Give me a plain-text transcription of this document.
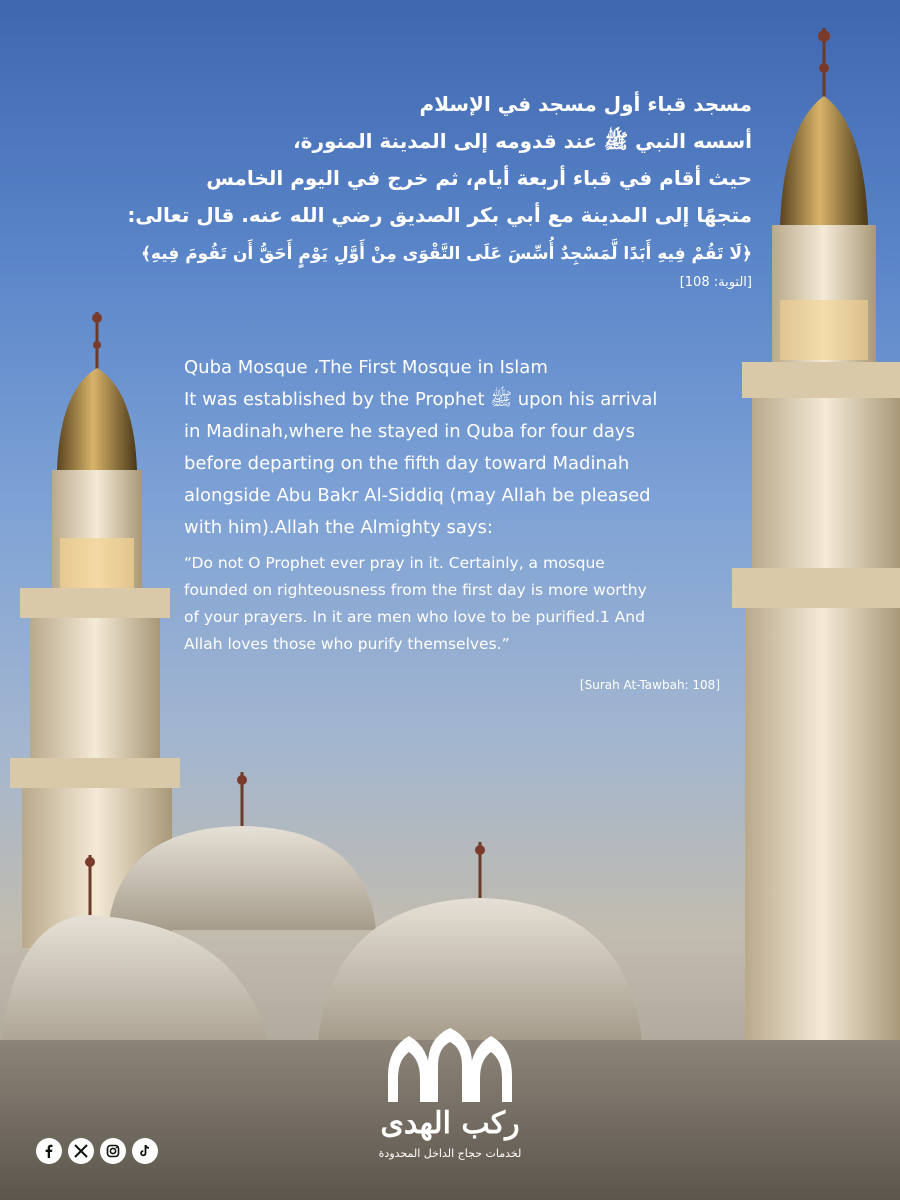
مسجد قباء أول مسجد في الإسلام
أسسه النبي ﷺ عند قدومه إلى المدينة المنورة،
حيث أقام في قباء أربعة أيام، ثم خرج في اليوم الخامس
متجهًا إلى المدينة مع أبي بكر الصديق رضي الله عنه. قال تعالى:
﴿لَا تَقُمْ فِيهِ أَبَدًا لَّمَسْجِدٌ أُسِّسَ عَلَى التَّقْوَى مِنْ أَوَّلِ يَوْمٍ أَحَقُّ أَن تَقُومَ فِيهِ﴾
[التوبة: 108]
Quba Mosque ،The First Mosque in Islam
It was established by the Prophet ﷺ upon his arrival
in Madinah,where he stayed in Quba for four days
before departing on the fifth day toward Madinah
alongside Abu Bakr Al-Siddiq (may Allah be pleased
with him).Allah the Almighty says:
“Do not O Prophet ever pray in it. Certainly, a mosque
founded on righteousness from the first day is more worthy
of your prayers. In it are men who love to be purified.1 And
Allah loves those who purify themselves.”
[Surah At-Tawbah: 108]
ركب الهدى
لخدمات حجاج الداخل المحدودة
